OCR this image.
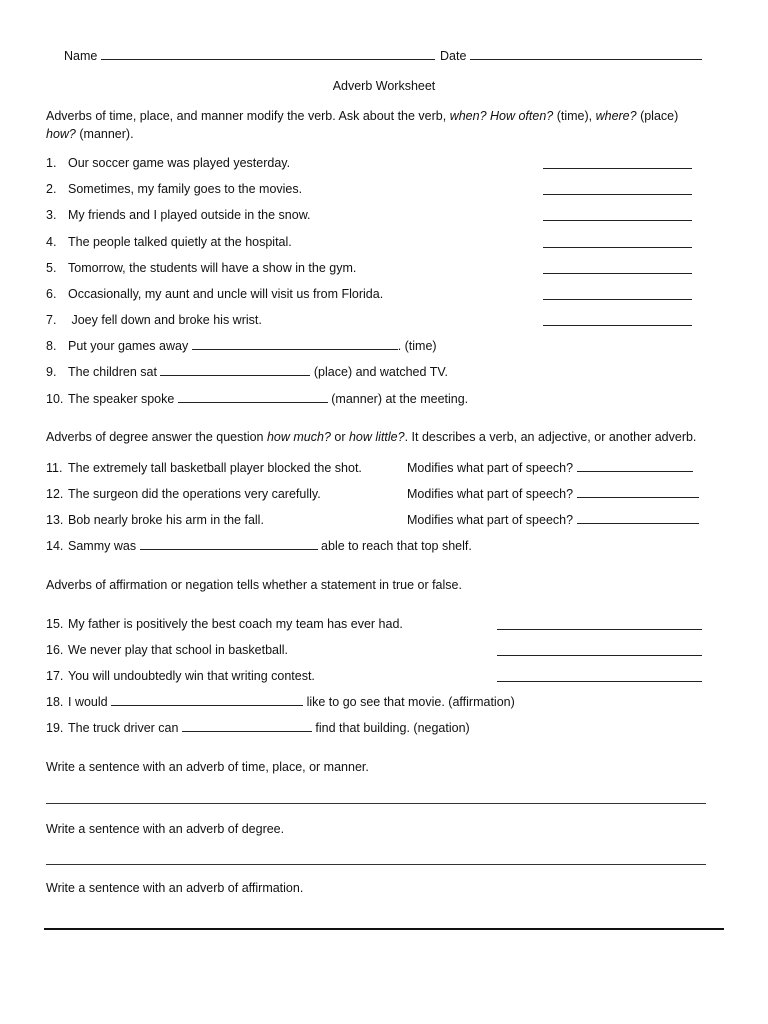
Name	Date
Adverb Worksheet
Adverbs of time, place, and manner modify the verb. Ask about the verb, when? How often? (time), where? (place)
how? (manner).
1. Our soccer game was played yesterday.
2. Sometimes, my family goes to the movies.
3. My friends and I played outside in the snow.
4. The people talked quietly at the hospital.
5. Tomorrow, the students will have a show in the gym.
6. Occasionally, my aunt and uncle will visit us from Florida.
7. Joey fell down and broke his wrist.
8. Put your games away	. (time)
9. The children sat	(place) and watched TV.
10. The speaker spoke	(manner) at the meeting.
Adverbs of degree answer the question how much? or how little?. It describes a verb, an adjective, or another adverb.
11. The extremely tall basketball player blocked the shot.	Modifies what part of speech?
12. The surgeon did the operations very carefully.	Modifies what part of speech?
13. Bob nearly broke his arm in the fall.	Modifies what part of speech?
14. Sammy was	able to reach that top shelf.
Adverbs of affirmation or negation tells whether a statement in true or false.
15. My father is positively the best coach my team has ever had.
16. We never play that school in basketball.
17. You will undoubtedly win that writing contest.
18. I would	like to go see that movie. (affirmation)
19. The truck driver can	find that building. (negation)
Write a sentence with an adverb of time, place, or manner.
Write a sentence with an adverb of degree.
Write a sentence with an adverb of affirmation.
